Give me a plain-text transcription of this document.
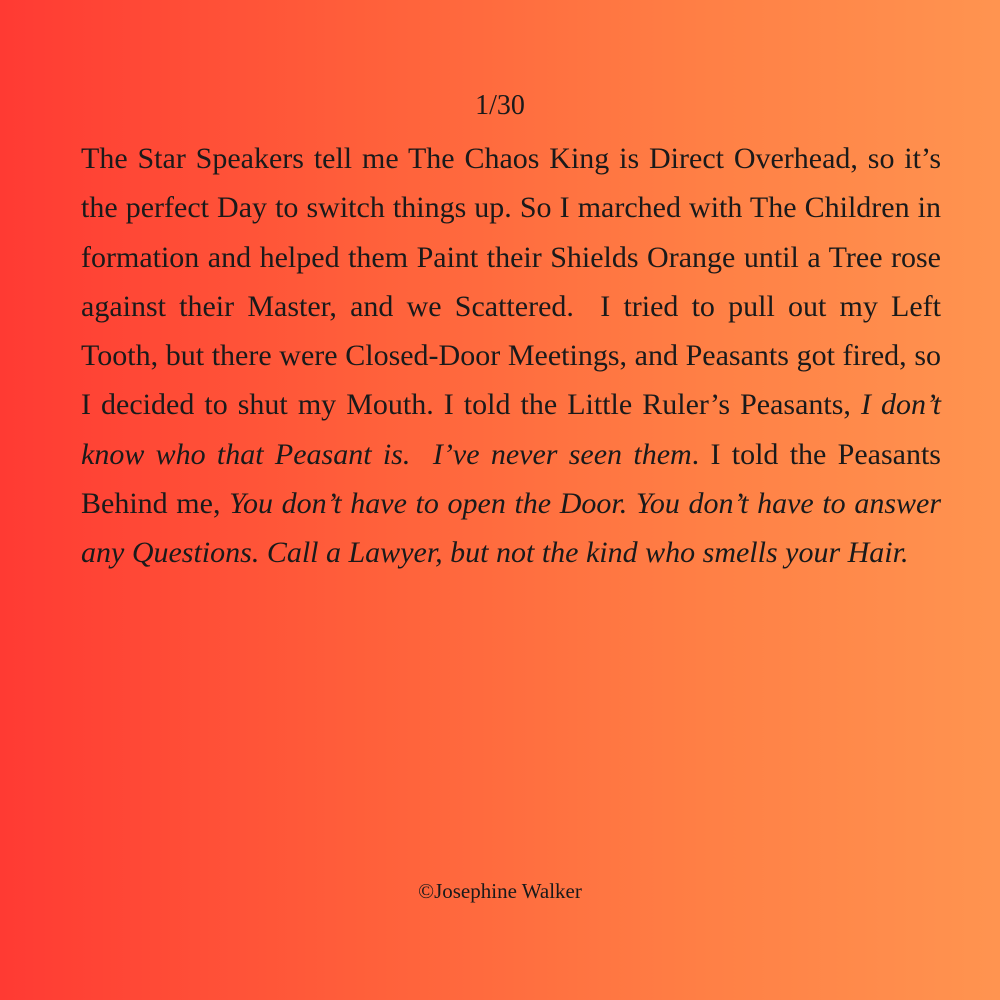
1/30

The Star Speakers tell me The Chaos King is Direct Overhead, so it’s the perfect Day to switch things up. So I marched with The Children in formation and helped them Paint their Shields Orange until a Tree rose against their Master, and we Scattered.  I tried to pull out my Left Tooth, but there were Closed-Door Meetings, and Peasants got fired, so I decided to shut my Mouth. I told the Little Ruler’s Peasants, I don’t know who that Peasant is.  I’ve never seen them. I told the Peasants Behind me, You don’t have to open the Door. You don’t have to answer any Questions. Call a Lawyer, but not the kind who smells your Hair.

©Josephine Walker
